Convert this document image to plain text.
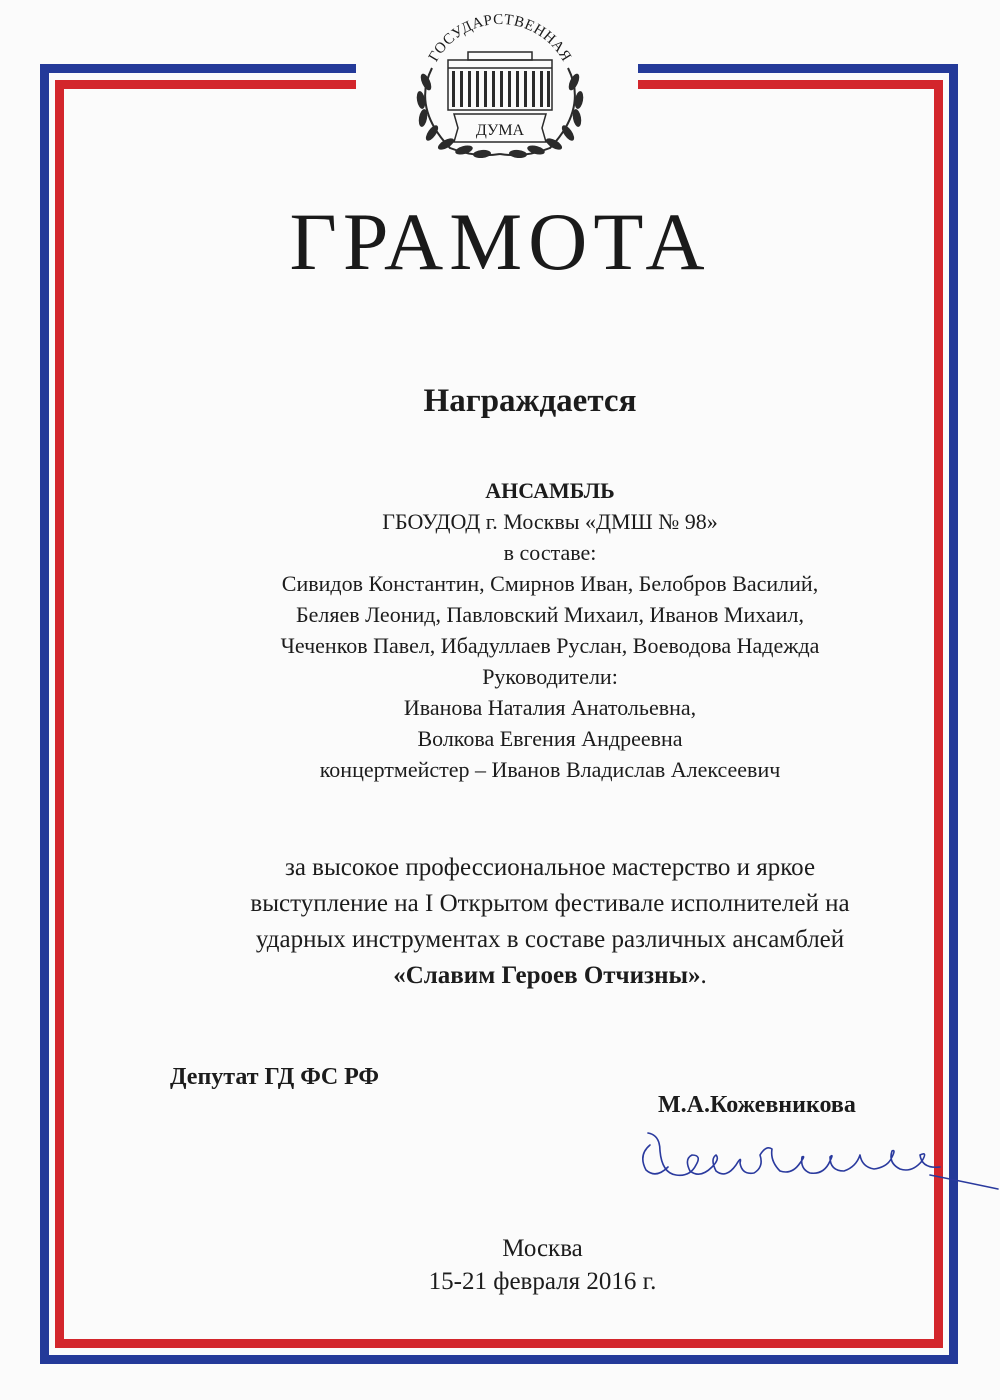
ГОСУДАРСТВЕННАЯ
ДУМА
ГРАМОТА
Награждается
АНСАМБЛЬ
ГБОУДОД г. Москвы «ДМШ № 98»
в составе:
Сивидов Константин, Смирнов Иван, Белобров Василий,
Беляев Леонид, Павловский Михаил, Иванов Михаил,
Чеченков Павел, Ибадуллаев Руслан, Воеводова Надежда
Руководители:
Иванова Наталия Анатольевна,
Волкова Евгения Андреевна
концертмейстер – Иванов Владислав Алексеевич
за высокое профессиональное мастерство и яркое
выступление на I Открытом фестивале исполнителей на
ударных инструментах в составе различных ансамблей
«Славим Героев Отчизны».
Депутат ГД ФС РФ
М.А.Кожевникова
Москва
15-21 февраля 2016 г.
